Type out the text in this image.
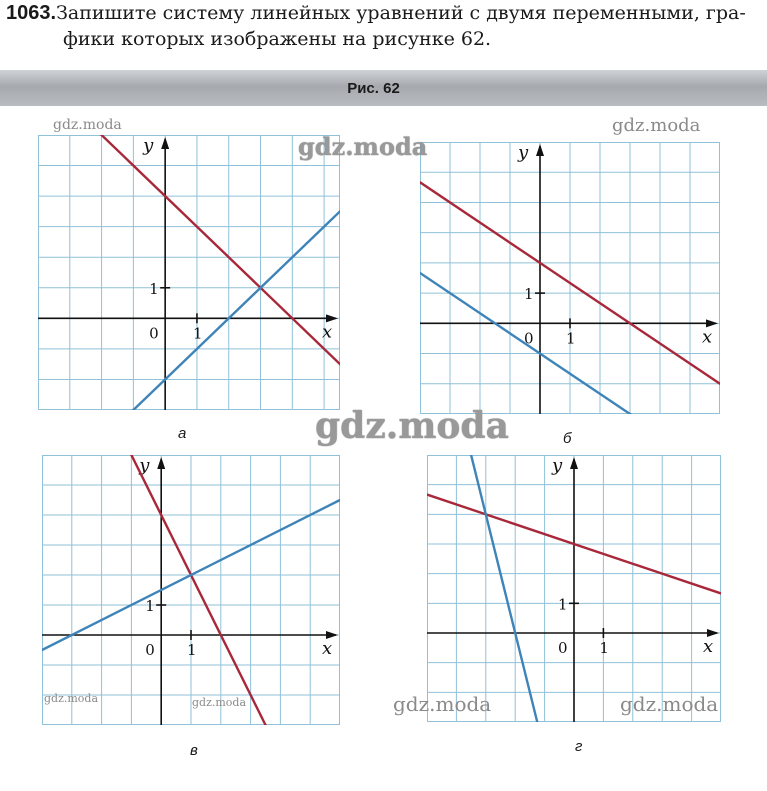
1063.Запишите систему линейных уравнений с двумя переменными, гра-
фики которых изображены на рисунке 62.
Рис. 62
x
y
0 1
1
x
y
0 1
1
x
y
0 1
1
x
y
0 1
1
а	б
в	г
gdz.moda
gdz.moda
gdz.moda
gdz.moda
gdz.moda	gdz.moda	gdz.moda	gdz.moda
